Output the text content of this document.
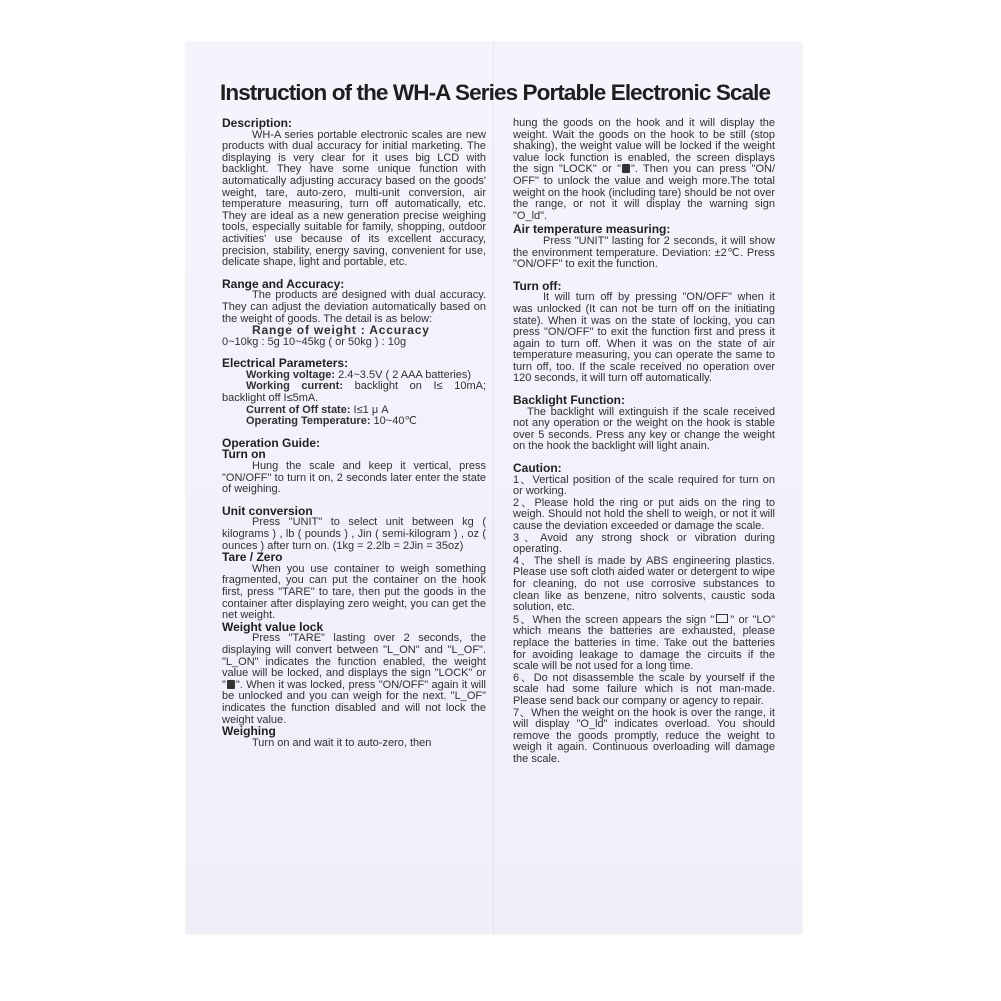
Instruction of the WH-A Series Portable Electronic Scale

Description:

WH-A series portable electronic scales are new products with dual accuracy for initial marketing. The displaying is very clear for it uses big LCD with backlight. They have some unique function with automatically adjusting accuracy based on the goods' weight, tare, auto-zero, multi-unit conversion, air temperature measuring, turn off automatically, etc. They are ideal as a new generation precise weighing tools, especially suitable for family, shopping, outdoor activities' use because of its excellent accuracy, precision, stability, energy saving, convenient for use, delicate shape, light and portable, etc.

Range and Accuracy:

The products are designed with dual accuracy. They can adjust the deviation automatically based on the weight of goods. The detail is as below:

Range of weight : Accuracy

0~10kg : 5g 10~45kg ( or 50kg ) : 10g

Electrical Parameters:

Working voltage: 2.4~3.5V ( 2 AAA batteries)

Working current: backlight on I≤ 10mA; backlight off I≤5mA.

Current of Off state: I≤1 μ A

Operating Temperature: 10~40℃

Operation Guide:

Turn on

Hung the scale and keep it vertical, press "ON/OFF" to turn it on, 2 seconds later enter the state of weighing.

Unit conversion

Press "UNIT" to select unit between kg ( kilograms ) , lb ( pounds ) , Jin ( semi-kilogram ) , oz ( ounces ) after turn on. (1kg = 2.2lb = 2Jin = 35oz)

Tare / Zero

When you use container to weigh something fragmented, you can put the container on the hook first, press "TARE" to tare, then put the goods in the container after displaying zero weight, you can get the net weight.

Weight value lock

Press "TARE" lasting over 2 seconds, the displaying will convert between "L_ON" and "L_OF". "L_ON" indicates the function enabled, the weight value will be locked, and displays the sign "LOCK" or " ". When it was locked, press "ON/OFF" again it will be unlocked and you can weigh for the next. "L_OF" indicates the function disabled and will not lock the weight value.

Weighing

Turn on and wait it to auto-zero, then

hung the goods on the hook and it will display the weight. Wait the goods on the hook to be still (stop shaking), the weight value will be locked if the weight value lock function is enabled, the screen displays the sign "LOCK" or " ". Then you can press "ON/ OFF" to unlock the value and weigh more.The total weight on the hook (including tare) should be not over the range, or not it will display the warning sign "O_ld".

Air temperature measuring:

Press "UNIT" lasting for 2 seconds, it will show the environment temperature. Deviation: ±2℃. Press "ON/OFF" to exit the function.

Turn off:

It will turn off by pressing "ON/OFF" when it was unlocked (It can not be turn off on the initiating state). When it was on the state of locking, you can press "ON/OFF" to exit the function first and press it again to turn off. When it was on the state of air temperature measuring, you can operate the same to turn off, too. If the scale received no operation over 120 seconds, it will turn off automatically.

Backlight Function:

The backlight will extinguish if the scale received not any operation or the weight on the hook is stable over 5 seconds. Press any key or change the weight on the hook the backlight will light anain.

Caution:

1、Vertical position of the scale required for turn on or working.

2、Please hold the ring or put aids on the ring to weigh. Should not hold the shell to weigh, or not it will cause the deviation exceeded or damage the scale.

3、Avoid any strong shock or vibration during operating.

4、The shell is made by ABS engineering plastics. Please use soft cloth aided water or detergent to wipe for cleaning, do not use corrosive substances to clean like as benzene, nitro solvents, caustic soda solution, etc.

5、When the screen appears the sign " " or "LO" which means the batteries are exhausted, please replace the batteries in time. Take out the batteries for avoiding leakage to damage the circuits if the scale will be not used for a long time.

6、Do not disassemble the scale by yourself if the scale had some failure which is not man-made. Please send back our company or agency to repair.

7、When the weight on the hook is over the range, it will display "O_ld" indicates overload. You should remove the goods promptly, reduce the weight to weigh it again. Continuous overloading will damage the scale.
